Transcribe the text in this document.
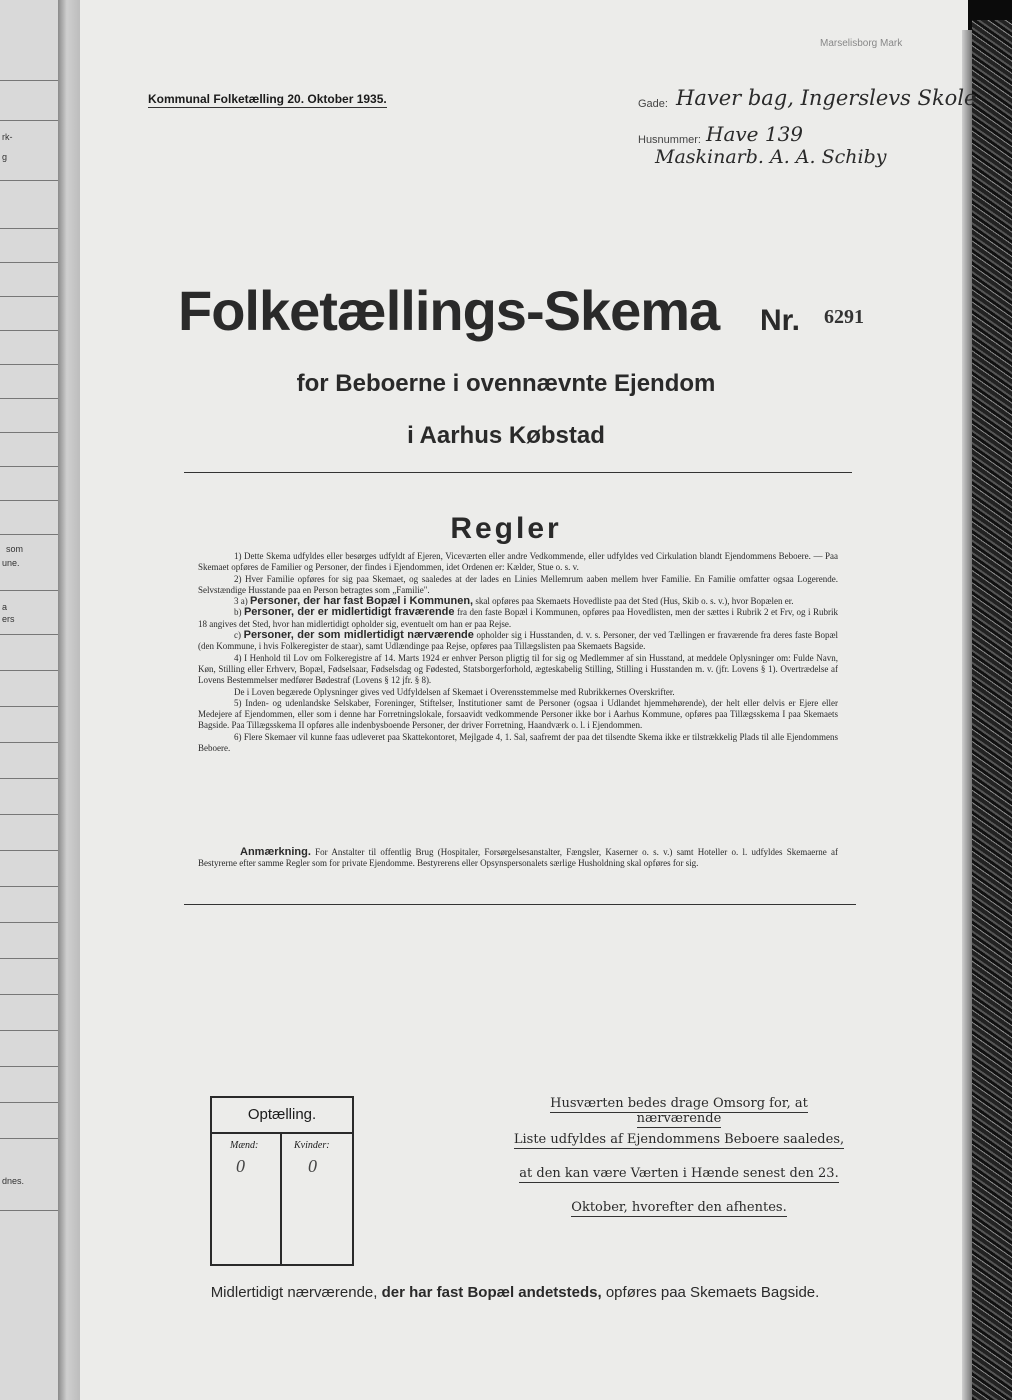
rk-
g
som
une.
a
ers
dnes.
Marselisborg Mark
Kommunal Folketælling 20. Oktober 1935.	Gade: Haver bag, Ingerslevs Skole
Husnummer: Have 139
Maskinarb. A. A. Schiby
Folketællings-Skema Nr. 6291
for Beboerne i ovennævnte Ejendom
i Aarhus Købstad
Regler

1) Dette Skema udfyldes eller besørges udfyldt af Ejeren, Viceværten eller andre Vedkommende, eller udfyldes ved Cirkulation blandt Ejendommens Beboere. — Paa Skemaet opføres de Familier og Personer, der findes i Ejendommen, idet Ordenen er: Kælder, Stue o. s. v.

2) Hver Familie opføres for sig paa Skemaet, og saaledes at der lades en Linies Mellemrum aaben mellem hver Familie. En Familie omfatter ogsaa Logerende. Selvstændige Husstande paa en Person betragtes som „Familie".

3 a) Personer, der har fast Bopæl i Kommunen, skal opføres paa Skemaets Hovedliste paa det Sted (Hus, Skib o. s. v.), hvor Bopælen er.

b) Personer, der er midlertidigt fraværende fra den faste Bopæl i Kommunen, opføres paa Hovedlisten, men der sættes i Rubrik 2 et Frv, og i Rubrik 18 angives det Sted, hvor han midlertidigt opholder sig, eventuelt om han er paa Rejse.

c) Personer, der som midlertidigt nærværende opholder sig i Husstanden, d. v. s. Personer, der ved Tællingen er fraværende fra deres faste Bopæl (den Kommune, i hvis Folkeregister de staar), samt Udlændinge paa Rejse, opføres paa Tillægslisten paa Skemaets Bagside.

4) I Henhold til Lov om Folkeregistre af 14. Marts 1924 er enhver Person pligtig til for sig og Medlemmer af sin Husstand, at meddele Oplysninger om: Fulde Navn, Køn, Stilling eller Erhverv, Bopæl, Fødselsaar, Fødselsdag og Fødested, Statsborgerforhold, ægteskabelig Stilling, Stilling i Husstanden m. v. (jfr. Lovens § 1). Overtrædelse af Lovens Bestemmelser medfører Bødestraf (Lovens § 12 jfr. § 8).

De i Loven begærede Oplysninger gives ved Udfyldelsen af Skemaet i Overensstemmelse med Rubrikkernes Overskrifter.

5) Inden- og udenlandske Selskaber, Foreninger, Stiftelser, Institutioner samt de Personer (ogsaa i Udlandet hjemmehørende), der helt eller delvis er Ejere eller Medejere af Ejendommen, eller som i denne har Forretningslokale, forsaavidt vedkommende Personer ikke bor i Aarhus Kommune, opføres paa Tillægsskema I paa Skemaets Bagside. Paa Tillægsskema II opføres alle indenbysboende Personer, der driver Forretning, Haandværk o. l. i Ejendommen.

6) Flere Skemaer vil kunne faas udleveret paa Skattekontoret, Mejlgade 4, 1. Sal, saafremt der paa det tilsendte Skema ikke er tilstrækkelig Plads til alle Ejendommens Beboere.

Anmærkning. For Anstalter til offentlig Brug (Hospitaler, Forsørgelsesanstalter, Fængsler, Kaserner o. s. v.) samt Hoteller o. l. udfyldes Skemaerne af Bestyrerne efter samme Regler som for private Ejendomme. Bestyrerens eller Opsynspersonalets særlige Husholdning skal opføres for sig.

Optælling.
Mænd:	Kvinder:
0	0
Husværten bedes drage Omsorg for, at nærværende
Liste udfyldes af Ejendommens Beboere saaledes,
at den kan være Værten i Hænde senest den 23.
Oktober, hvorefter den afhentes.
Midlertidigt nærværende, der har fast Bopæl andetsteds, opføres paa Skemaets Bagside.
